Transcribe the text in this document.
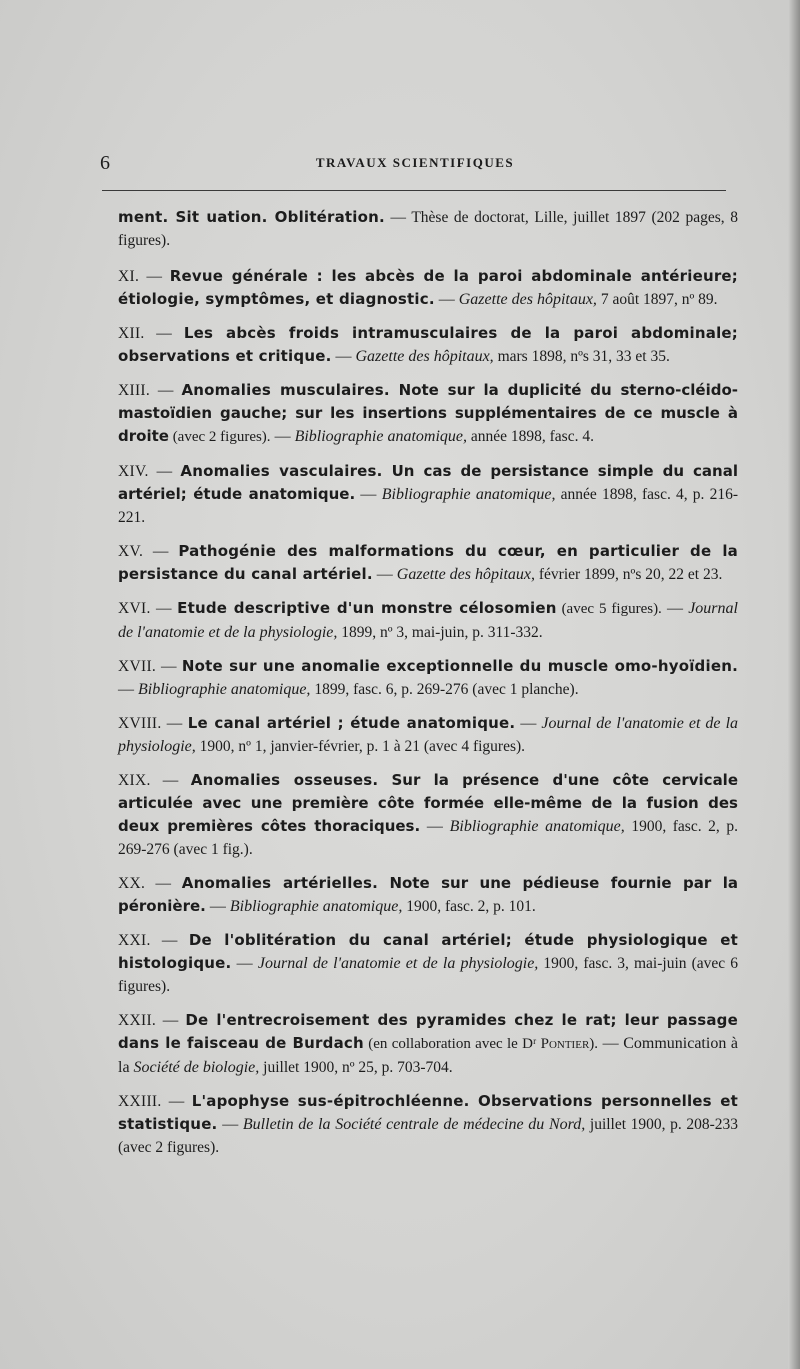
6	TRAVAUX SCIENTIFIQUES

ment. Sit uation. Oblitération. — Thèse de doctorat, Lille, juillet 1897 (202 pages, 8 figures).

XI. — Revue générale : les abcès de la paroi abdominale antérieure; étiologie, symptômes, et diagnostic. — Gazette des hôpitaux, 7 août 1897, nº 89.

XII. — Les abcès froids intramusculaires de la paroi abdominale; observations et critique. — Gazette des hôpitaux, mars 1898, nºs 31, 33 et 35.

XIII. — Anomalies musculaires. Note sur la duplicité du sterno-cléido-mastoïdien gauche; sur les insertions supplémentaires de ce muscle à droite (avec 2 figures). — Bibliographie anatomique, année 1898, fasc. 4.

XIV. — Anomalies vasculaires. Un cas de persistance simple du canal artériel; étude anatomique. — Bibliographie anatomique, année 1898, fasc. 4, p. 216-221.

XV. — Pathogénie des malformations du cœur, en particulier de la persistance du canal artériel. — Gazette des hôpitaux, février 1899, nºs 20, 22 et 23.

XVI. — Etude descriptive d'un monstre célosomien (avec 5 figures). — Journal de l'anatomie et de la physiologie, 1899, nº 3, mai-juin, p. 311-332.

XVII. — Note sur une anomalie exceptionnelle du muscle omo-hyoïdien. — Bibliographie anatomique, 1899, fasc. 6, p. 269-276 (avec 1 planche).

XVIII. — Le canal artériel ; étude anatomique. — Journal de l'anatomie et de la physiologie, 1900, nº 1, janvier-février, p. 1 à 21 (avec 4 figures).

XIX. — Anomalies osseuses. Sur la présence d'une côte cervicale articulée avec une première côte formée elle-même de la fusion des deux premières côtes thoraciques. — Bibliographie anatomique, 1900, fasc. 2, p. 269-276 (avec 1 fig.).

XX. — Anomalies artérielles. Note sur une pédieuse fournie par la péronière. — Bibliographie anatomique, 1900, fasc. 2, p. 101.

XXI. — De l'oblitération du canal artériel; étude physiologique et histologique. — Journal de l'anatomie et de la physiologie, 1900, fasc. 3, mai-juin (avec 6 figures).

XXII. — De l'entrecroisement des pyramides chez le rat; leur passage dans le faisceau de Burdach (en collaboration avec le Dʳ Pontier). — Communication à la Société de biologie, juillet 1900, nº 25, p. 703-704.

XXIII. — L'apophyse sus-épitrochléenne. Observations personnelles et statistique. — Bulletin de la Société centrale de médecine du Nord, juillet 1900, p. 208-233 (avec 2 figures).
